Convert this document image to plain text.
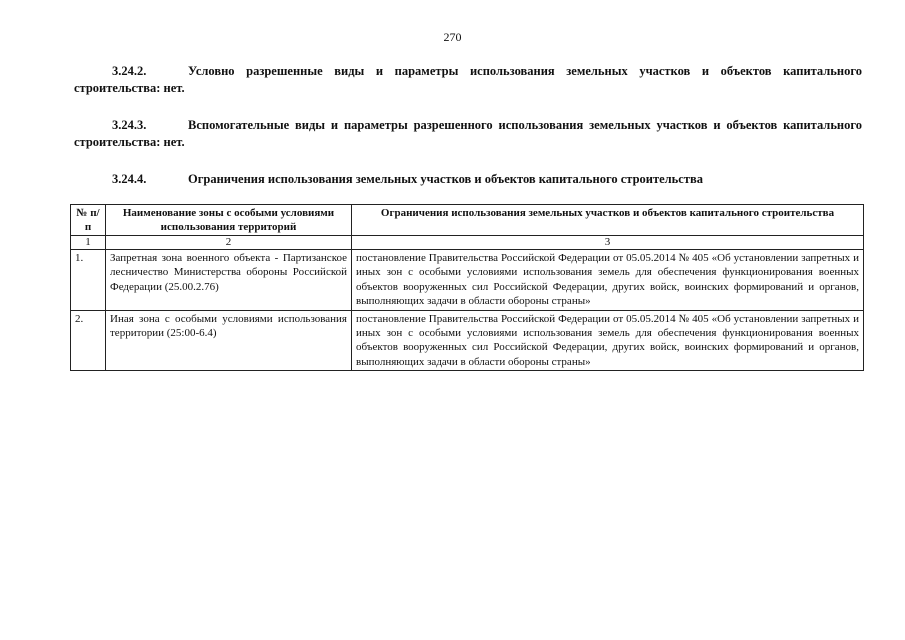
270
3.24.2.	Условно разрешенные виды и параметры использования земельных участков и объектов капитального строительства: нет.
3.24.3.	Вспомогательные виды и параметры разрешенного использования земельных участков и объектов капитального строительства: нет.
3.24.4.	Ограничения использования земельных участков и объектов капитального строительства
№ п/п	Наименование зоны с особыми условиями использования территорий	Ограничения использования земельных участков и объектов капитального строительства
1	2	3
1.	Запретная зона военного объекта - Партизанское лесничество Министерства обороны Российской Федерации (25.00.2.76)	постановление Правительства Российской Федерации от 05.05.2014 № 405 «Об установлении запретных и иных зон с особыми условиями использования земель для обеспечения функционирования военных объектов вооруженных сил Российской Федерации, других войск, воинских формирований и органов, выполняющих задачи в области обороны страны»
2.	Иная зона с особыми условиями использования территории (25:00-6.4)	постановление Правительства Российской Федерации от 05.05.2014 № 405 «Об установлении запретных и иных зон с особыми условиями использования земель для обеспечения функционирования военных объектов вооруженных сил Российской Федерации, других войск, воинских формирований и органов, выполняющих задачи в области обороны страны»
